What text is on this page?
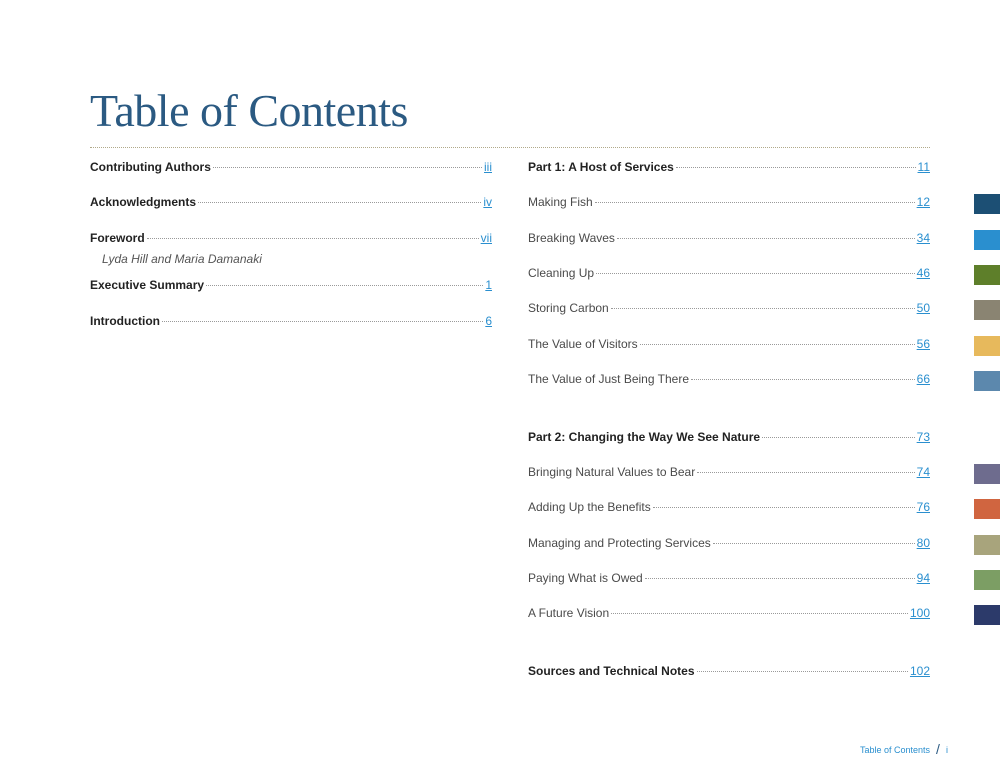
Table of Contents
Contributing Authors	iii
Acknowledgments	iv
Foreword	vii
Lyda Hill and Maria Damanaki
Executive Summary	1
Introduction	6
Part 1: A Host of Services	11
Making Fish	12
Breaking Waves	34
Cleaning Up	46
Storing Carbon	50
The Value of Visitors	56
The Value of Just Being There	66
Part 2: Changing the Way We See Nature	73
Bringing Natural Values to Bear	74
Adding Up the Benefits	76
Managing and Protecting Services	80
Paying What is Owed	94
A Future Vision	100
Sources and Technical Notes	102
Table of Contents / i
